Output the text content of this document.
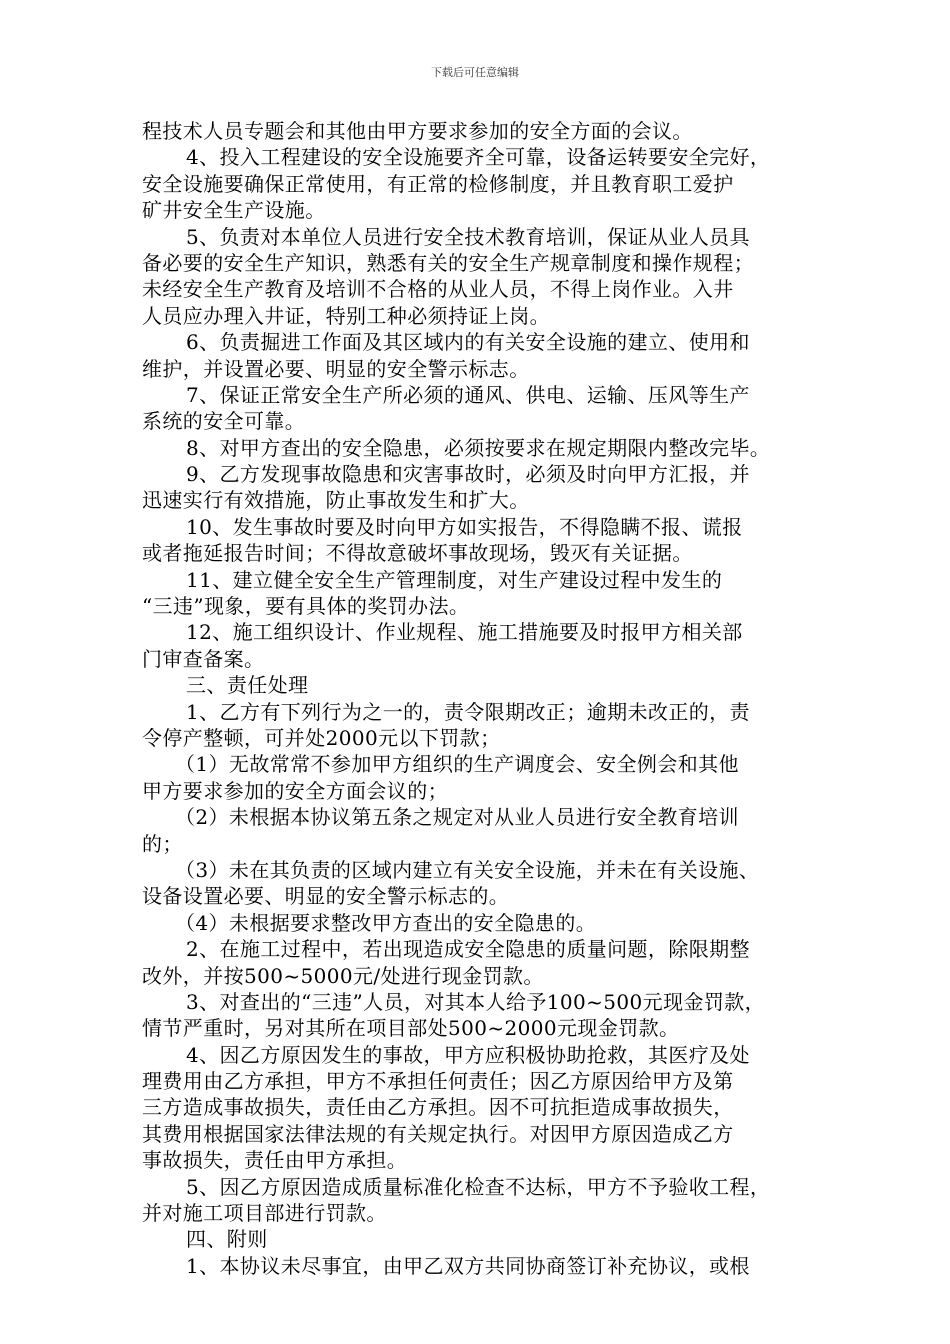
下载后可任意编辑
程技术人员专题会和其他由甲方要求参加的安全方面的会议。
4、投入工程建设的安全设施要齐全可靠，设备运转要安全完好，
安全设施要确保正常使用，有正常的检修制度，并且教育职工爱护
矿井安全生产设施。
5、负责对本单位人员进行安全技术教育培训，保证从业人员具
备必要的安全生产知识，熟悉有关的安全生产规章制度和操作规程；
未经安全生产教育及培训不合格的从业人员，不得上岗作业。入井
人员应办理入井证，特别工种必须持证上岗。
6、负责掘进工作面及其区域内的有关安全设施的建立、使用和
维护，并设置必要、明显的安全警示标志。
7、保证正常安全生产所必须的通风、供电、运输、压风等生产
系统的安全可靠。
8、对甲方查出的安全隐患，必须按要求在规定期限内整改完毕。
9、乙方发现事故隐患和灾害事故时，必须及时向甲方汇报，并
迅速实行有效措施，防止事故发生和扩大。
10、发生事故时要及时向甲方如实报告，不得隐瞒不报、谎报
或者拖延报告时间；不得故意破坏事故现场，毁灭有关证据。
11、建立健全安全生产管理制度，对生产建设过程中发生的
“三违”现象，要有具体的奖罚办法。
12、施工组织设计、作业规程、施工措施要及时报甲方相关部
门审查备案。
三、责任处理
1、乙方有下列行为之一的，责令限期改正；逾期未改正的，责
令停产整顿，可并处2000元以下罚款；
（1）无故常常不参加甲方组织的生产调度会、安全例会和其他
甲方要求参加的安全方面会议的；
（2）未根据本协议第五条之规定对从业人员进行安全教育培训
的；
（3）未在其负责的区域内建立有关安全设施，并未在有关设施、
设备设置必要、明显的安全警示标志的。
（4）未根据要求整改甲方查出的安全隐患的。
2、在施工过程中，若出现造成安全隐患的质量问题，除限期整
改外，并按500~5000元/处进行现金罚款。
3、对查出的“三违”人员，对其本人给予100~500元现金罚款，
情节严重时，另对其所在项目部处500~2000元现金罚款。
4、因乙方原因发生的事故，甲方应积极协助抢救，其医疗及处
理费用由乙方承担，甲方不承担任何责任；因乙方原因给甲方及第
三方造成事故损失，责任由乙方承担。因不可抗拒造成事故损失，
其费用根据国家法律法规的有关规定执行。对因甲方原因造成乙方
事故损失，责任由甲方承担。
5、因乙方原因造成质量标准化检查不达标，甲方不予验收工程，
并对施工项目部进行罚款。
四、附则
1、本协议未尽事宜，由甲乙双方共同协商签订补充协议，或根
